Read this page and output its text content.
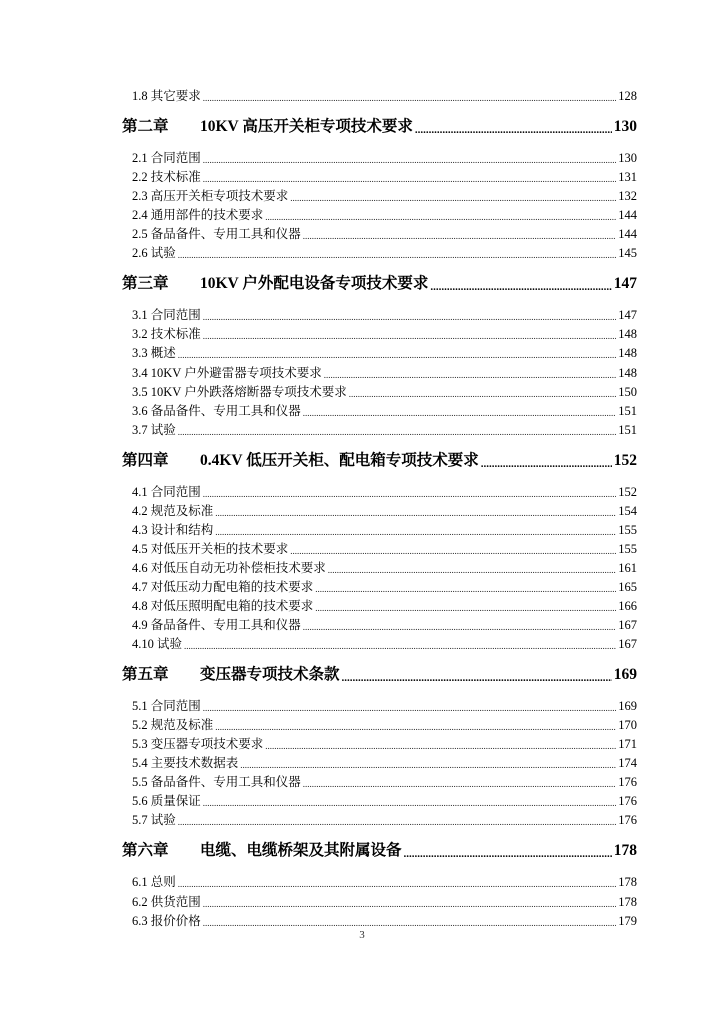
1.8 其它要求 .....	128
第二章 10KV 高压开关柜专项技术要求 .....	130
2.1 合同范围 .....	130
2.2 技术标准 .....	131
2.3 高压开关柜专项技术要求 .....	132
2.4 通用部件的技术要求 .....	144
2.5 备品备件、专用工具和仪器 .....	144
2.6 试验 .....	145
第三章 10KV 户外配电设备专项技术要求 .....	147
3.1 合同范围 .....	147
3.2 技术标准 .....	148
3.3 概述 .....	148
3.4 10KV 户外避雷器专项技术要求 .....	148
3.5 10KV 户外跌落熔断器专项技术要求 .....	150
3.6 备品备件、专用工具和仪器 .....	151
3.7 试验 .....	151
第四章 0.4KV 低压开关柜、配电箱专项技术要求 .....	152
4.1 合同范围 .....	152
4.2 规范及标准 .....	154
4.3 设计和结构 .....	155
4.5 对低压开关柜的技术要求 .....	155
4.6 对低压自动无功补偿柜技术要求 .....	161
4.7 对低压动力配电箱的技术要求 .....	165
4.8 对低压照明配电箱的技术要求 .....	166
4.9 备品备件、专用工具和仪器 .....	167
4.10 试验 .....	167
第五章 变压器专项技术条款 .....	169
5.1 合同范围 .....	169
5.2 规范及标准 .....	170
5.3 变压器专项技术要求 .....	171
5.4 主要技术数据表 .....	174
5.5 备品备件、专用工具和仪器 .....	176
5.6 质量保证 .....	176
5.7 试验 .....	176
第六章 电缆、电缆桥架及其附属设备 .....	178
6.1 总则 .....	178
6.2 供货范围 .....	178
6.3 报价价格 .....	179
3
